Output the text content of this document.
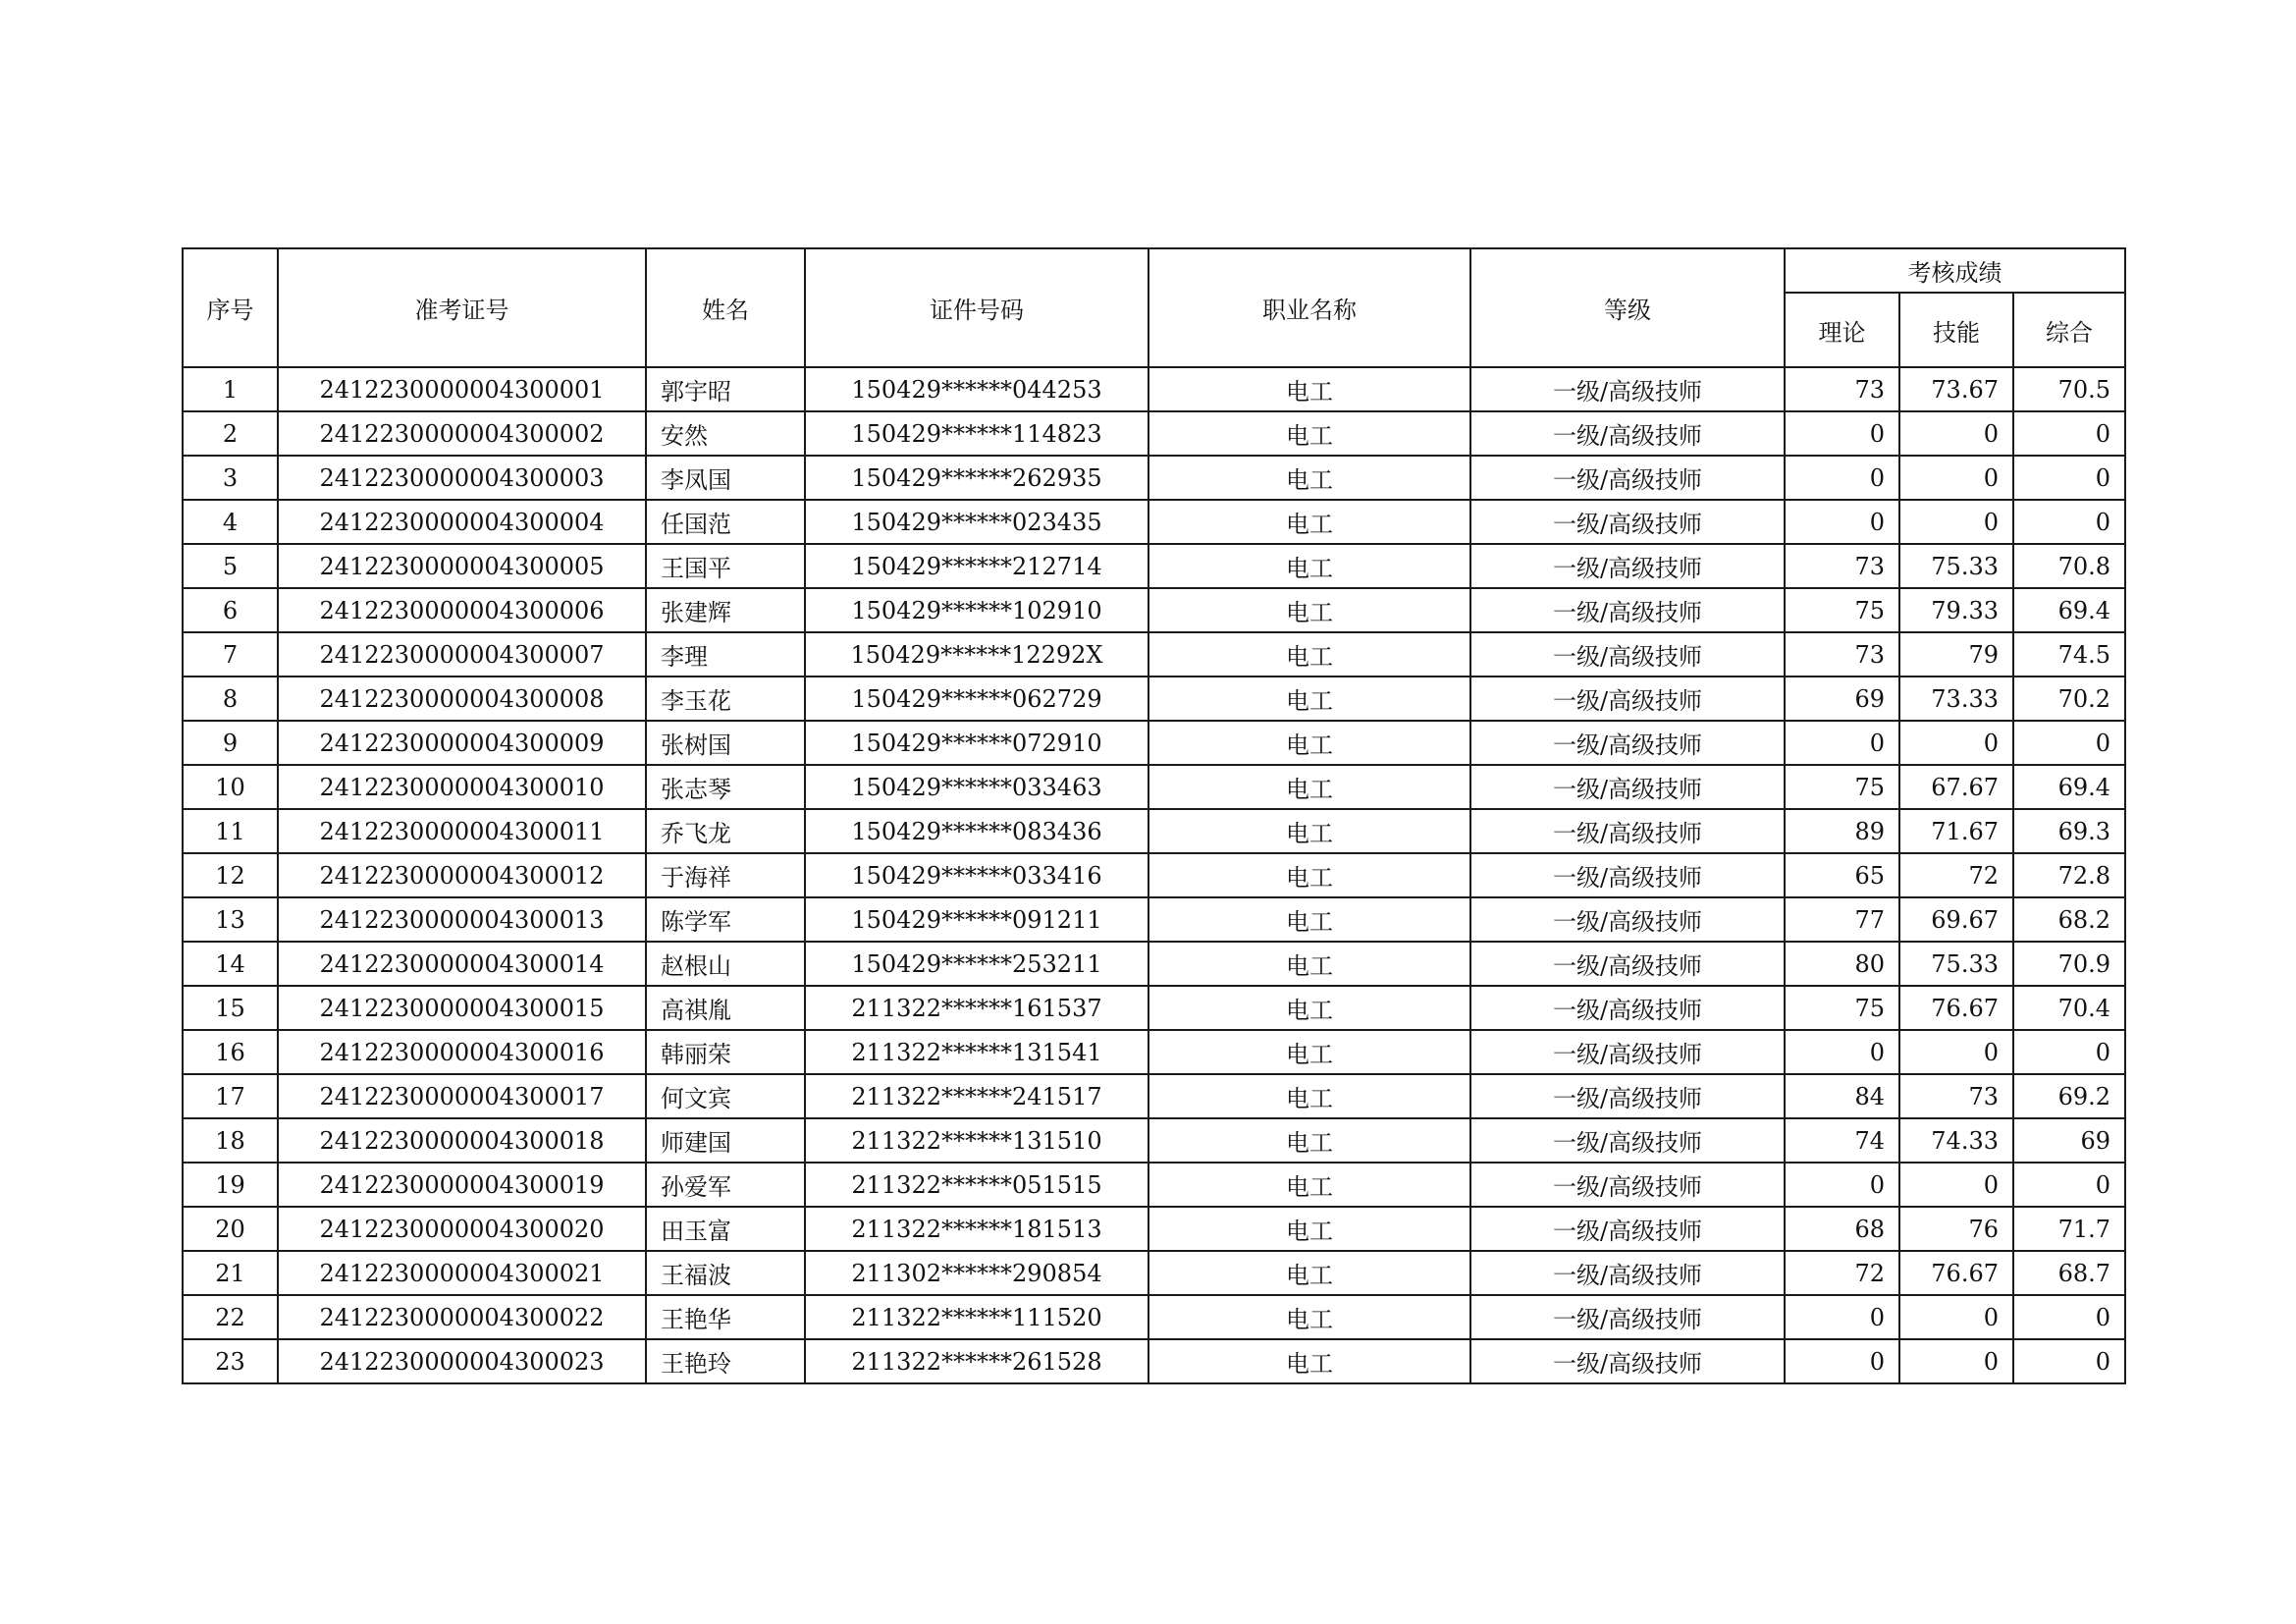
序号	准考证号	姓名	证件号码	职业名称	等级	考核成绩		
						理论	技能	综合
1	2412230000004300001	郭宇昭	150429******044253	电工	一级/高级技师	73	73.67	70.5
2	2412230000004300002	安然	150429******114823	电工	一级/高级技师	0	0	0
3	2412230000004300003	李凤国	150429******262935	电工	一级/高级技师	0	0	0
4	2412230000004300004	任国范	150429******023435	电工	一级/高级技师	0	0	0
5	2412230000004300005	王国平	150429******212714	电工	一级/高级技师	73	75.33	70.8
6	2412230000004300006	张建辉	150429******102910	电工	一级/高级技师	75	79.33	69.4
7	2412230000004300007	李理	150429******12292X	电工	一级/高级技师	73	79	74.5
8	2412230000004300008	李玉花	150429******062729	电工	一级/高级技师	69	73.33	70.2
9	2412230000004300009	张树国	150429******072910	电工	一级/高级技师	0	0	0
10	2412230000004300010	张志琴	150429******033463	电工	一级/高级技师	75	67.67	69.4
11	2412230000004300011	乔飞龙	150429******083436	电工	一级/高级技师	89	71.67	69.3
12	2412230000004300012	于海祥	150429******033416	电工	一级/高级技师	65	72	72.8
13	2412230000004300013	陈学军	150429******091211	电工	一级/高级技师	77	69.67	68.2
14	2412230000004300014	赵根山	150429******253211	电工	一级/高级技师	80	75.33	70.9
15	2412230000004300015	高祺胤	211322******161537	电工	一级/高级技师	75	76.67	70.4
16	2412230000004300016	韩丽荣	211322******131541	电工	一级/高级技师	0	0	0
17	2412230000004300017	何文宾	211322******241517	电工	一级/高级技师	84	73	69.2
18	2412230000004300018	师建国	211322******131510	电工	一级/高级技师	74	74.33	69
19	2412230000004300019	孙爱军	211322******051515	电工	一级/高级技师	0	0	0
20	2412230000004300020	田玉富	211322******181513	电工	一级/高级技师	68	76	71.7
21	2412230000004300021	王福波	211302******290854	电工	一级/高级技师	72	76.67	68.7
22	2412230000004300022	王艳华	211322******111520	电工	一级/高级技师	0	0	0
23	2412230000004300023	王艳玲	211322******261528	电工	一级/高级技师	0	0	0
